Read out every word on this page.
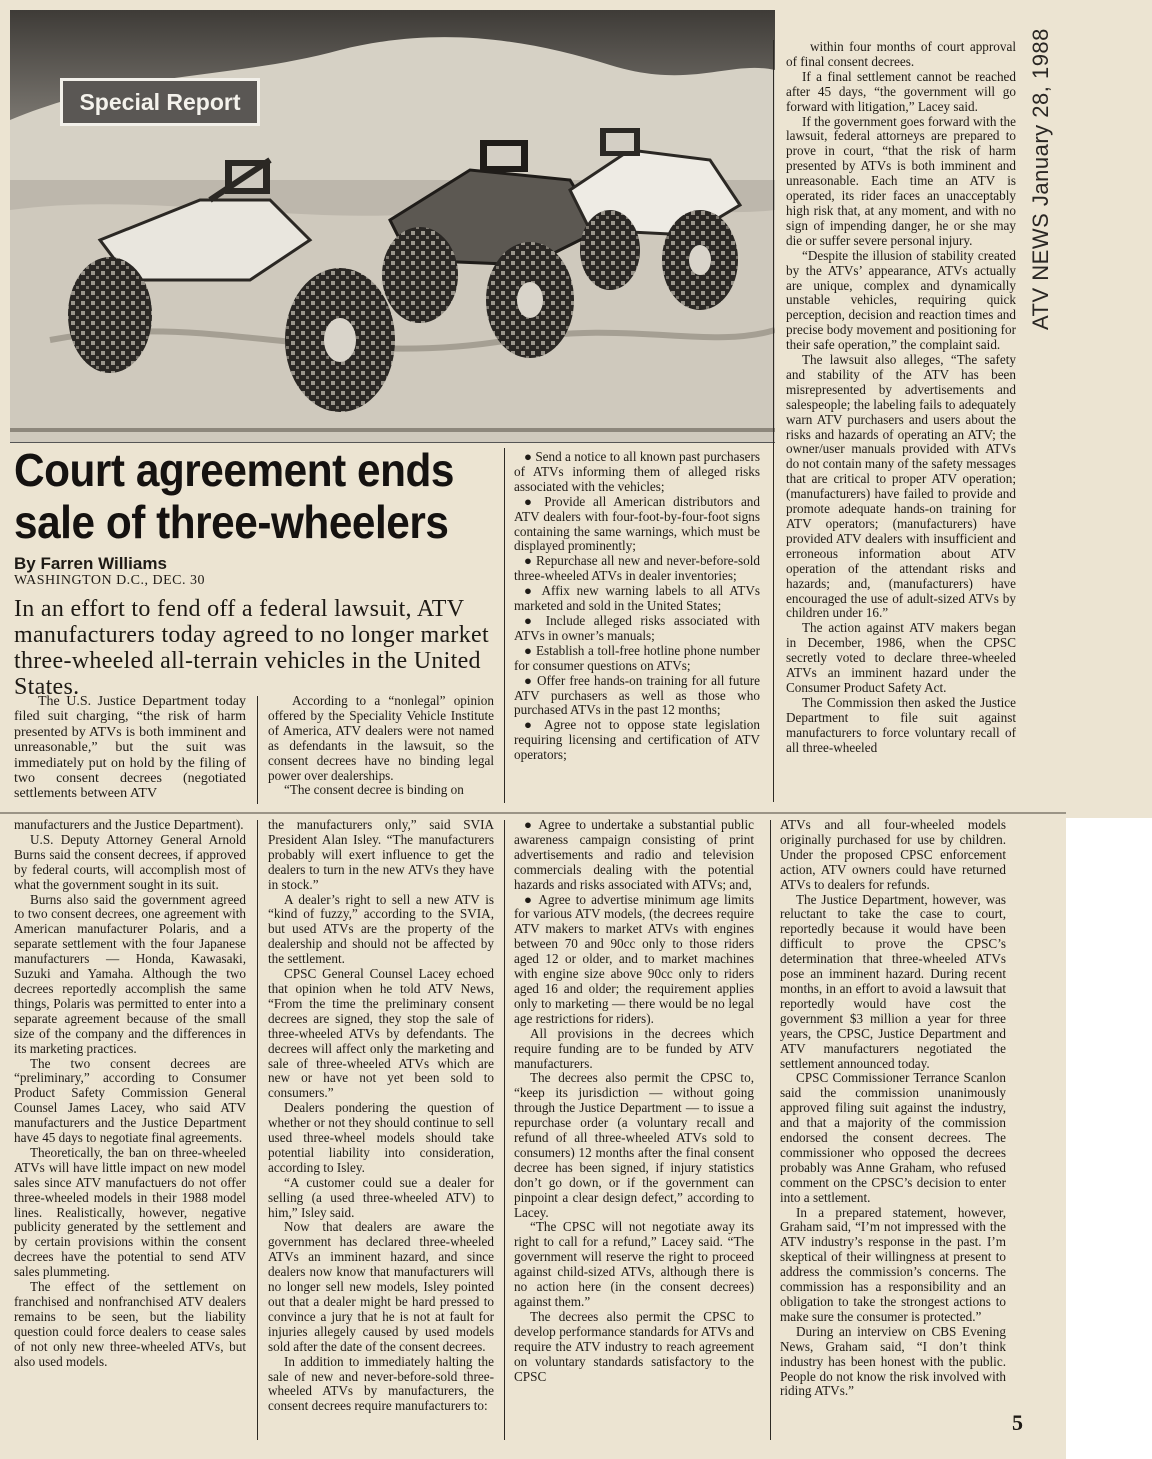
Special Report	ATV NEWS January 28, 1988
Court agreement ends sale of three-wheelers
By Farren Williams
WASHINGTON D.C., DEC. 30

In an effort to fend off a federal lawsuit, ATV manufacturers today agreed to no longer market three-wheeled all-terrain vehicles in the United States.

The U.S. Justice Department today filed suit charging, “the risk of harm presented by ATVs is both imminent and unreasonable,” but the suit was immediately put on hold by the filing of two consent decrees (negotiated settlements between ATV

According to a “nonlegal” opinion offered by the Speciality Vehicle Institute of America, ATV dealers were not named as defendants in the lawsuit, so the consent decrees have no binding legal power over dealerships.

“The consent decree is binding on

● Send a notice to all known past purchasers of ATVs informing them of alleged risks associated with the vehicles;

● Provide all American distributors and ATV dealers with four-foot-by-four-foot signs containing the same warnings, which must be displayed prominently;

● Repurchase all new and never-before-sold three-wheeled ATVs in dealer inventories;

● Affix new warning labels to all ATVs marketed and sold in the United States;

● Include alleged risks associated with ATVs in owner’s manuals;

● Establish a toll-free hotline phone number for consumer questions on ATVs;

● Offer free hands-on training for all future ATV purchasers as well as those who purchased ATVs in the past 12 months;

● Agree not to oppose state legislation requiring licensing and certification of ATV operators;

within four months of court approval of final consent decrees.

If a final settlement cannot be reached after 45 days, “the government will go forward with litigation,” Lacey said.

If the government goes forward with the lawsuit, federal attorneys are prepared to prove in court, “that the risk of harm presented by ATVs is both imminent and unreasonable. Each time an ATV is operated, its rider faces an unacceptably high risk that, at any moment, and with no sign of impending danger, he or she may die or suffer severe personal injury.

“Despite the illusion of stability created by the ATVs’ appearance, ATVs actually are unique, complex and dynamically unstable vehicles, requiring quick perception, decision and reaction times and precise body movement and positioning for their safe operation,” the complaint said.

The lawsuit also alleges, “The safety and stability of the ATV has been misrepresented by advertisements and salespeople; the labeling fails to adequately warn ATV purchasers and users about the risks and hazards of operating an ATV; the owner/user manuals provided with ATVs do not contain many of the safety messages that are critical to proper ATV operation; (manufacturers) have failed to provide and promote adequate hands-on training for ATV operators; (manufacturers) have provided ATV dealers with insufficient and erroneous information about ATV operation of the attendant risks and hazards; and, (manufacturers) have encouraged the use of adult-sized ATVs by children under 16.”

The action against ATV makers began in December, 1986, when the CPSC secretly voted to declare three-wheeled ATVs an imminent hazard under the Consumer Product Safety Act.

The Commission then asked the Justice Department to file suit against manufacturers to force voluntary recall of all three-wheeled

manufacturers and the Justice Department).

U.S. Deputy Attorney General Arnold Burns said the consent decrees, if approved by federal courts, will accomplish most of what the government sought in its suit.

Burns also said the government agreed to two consent decrees, one agreement with American manufacturer Polaris, and a separate settlement with the four Japanese manufacturers — Honda, Kawasaki, Suzuki and Yamaha. Although the two decrees reportedly accomplish the same things, Polaris was permitted to enter into a separate agreement because of the small size of the company and the differences in its marketing practices.

The two consent decrees are “preliminary,” according to Consumer Product Safety Commission General Counsel James Lacey, who said ATV manufacturers and the Justice Department have 45 days to negotiate final agreements.

Theoretically, the ban on three-wheeled ATVs will have little impact on new model sales since ATV manufactuers do not offer three-wheeled models in their 1988 model lines. Realistically, however, negative publicity generated by the settlement and by certain provisions within the consent decrees have the potential to send ATV sales plummeting.

The effect of the settlement on franchised and nonfranchised ATV dealers remains to be seen, but the liability question could force dealers to cease sales of not only new three-wheeled ATVs, but also used models.

the manufacturers only,” said SVIA President Alan Isley. “The manufacturers probably will exert influence to get the dealers to turn in the new ATVs they have in stock.”

A dealer’s right to sell a new ATV is “kind of fuzzy,” according to the SVIA, but used ATVs are the property of the dealership and should not be affected by the settlement.

CPSC General Counsel Lacey echoed that opinion when he told ATV News, “From the time the preliminary consent decrees are signed, they stop the sale of three-wheeled ATVs by defendants. The decrees will affect only the marketing and sale of three-wheeled ATVs which are new or have not yet been sold to consumers.”

Dealers pondering the question of whether or not they should continue to sell used three-wheel models should take potential liability into consideration, according to Isley.

“A customer could sue a dealer for selling (a used three-wheeled ATV) to him,” Isley said.

Now that dealers are aware the government has declared three-wheeled ATVs an imminent hazard, and since dealers now know that manufacturers will no longer sell new models, Isley pointed out that a dealer might be hard pressed to convince a jury that he is not at fault for injuries allegely caused by used models sold after the date of the consent decrees.

In addition to immediately halting the sale of new and never-before-sold three-wheeled ATVs by manufacturers, the consent decrees require manufacturers to:

● Agree to undertake a substantial public awareness campaign consisting of print advertisements and radio and television commercials dealing with the potential hazards and risks associated with ATVs; and,

● Agree to advertise minimum age limits for various ATV models, (the decrees require ATV makers to market ATVs with engines between 70 and 90cc only to those riders aged 12 or older, and to market machines with engine size above 90cc only to riders aged 16 and older; the requirement applies only to marketing — there would be no legal age restrictions for riders).

All provisions in the decrees which require funding are to be funded by ATV manufacturers.

The decrees also permit the CPSC to, “keep its jurisdiction — without going through the Justice Department — to issue a repurchase order (a voluntary recall and refund of all three-wheeled ATVs sold to consumers) 12 months after the final consent decree has been signed, if injury statistics don’t go down, or if the government can pinpoint a clear design defect,” according to Lacey.

“The CPSC will not negotiate away its right to call for a refund,” Lacey said. “The government will reserve the right to proceed against child-sized ATVs, although there is no action here (in the consent decrees) against them.”

The decrees also permit the CPSC to develop performance standards for ATVs and require the ATV industry to reach agreement on voluntary standards satisfactory to the CPSC

ATVs and all four-wheeled models originally purchased for use by children. Under the proposed CPSC enforcement action, ATV owners could have returned ATVs to dealers for refunds.

The Justice Department, however, was reluctant to take the case to court, reportedly because it would have been difficult to prove the CPSC’s determination that three-wheeled ATVs pose an imminent hazard. During recent months, in an effort to avoid a lawsuit that reportedly would have cost the government $3 million a year for three years, the CPSC, Justice Department and ATV manufacturers negotiated the settlement announced today.

CPSC Commissioner Terrance Scanlon said the commission unanimously approved filing suit against the industry, and that a majority of the commission endorsed the consent decrees. The commissioner who opposed the decrees probably was Anne Graham, who refused comment on the CPSC’s decision to enter into a settlement.

In a prepared statement, however, Graham said, “I’m not impressed with the ATV industry’s response in the past. I’m skeptical of their willingness at present to address the commission’s concerns. The commission has a responsibility and an obligation to take the strongest actions to make sure the consumer is protected.”

During an interview on CBS Evening News, Graham said, “I don’t think industry has been honest with the public. People do not know the risk involved with riding ATVs.”

5
